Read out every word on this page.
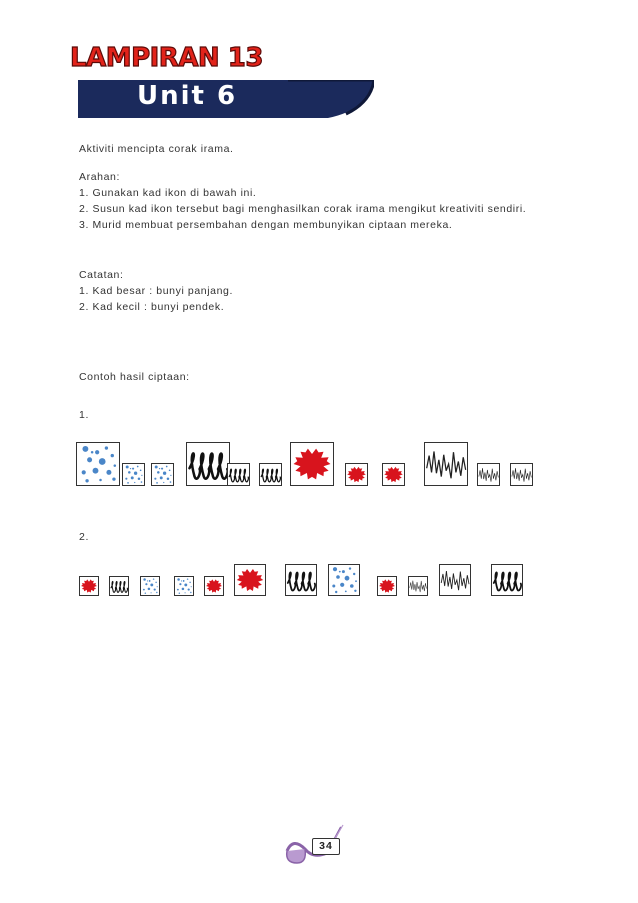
LAMPIRAN 13
Unit 6
Aktiviti mencipta corak irama.
Arahan:
1. Gunakan kad ikon di bawah ini.
2. Susun kad ikon tersebut bagi menghasilkan corak irama mengikut kreativiti sendiri.
3. Murid membuat persembahan dengan membunyikan ciptaan mereka.
Catatan:
1. Kad besar : bunyi panjang.
2. Kad kecil : bunyi pendek.
Contoh hasil ciptaan:
1.
2.
34
